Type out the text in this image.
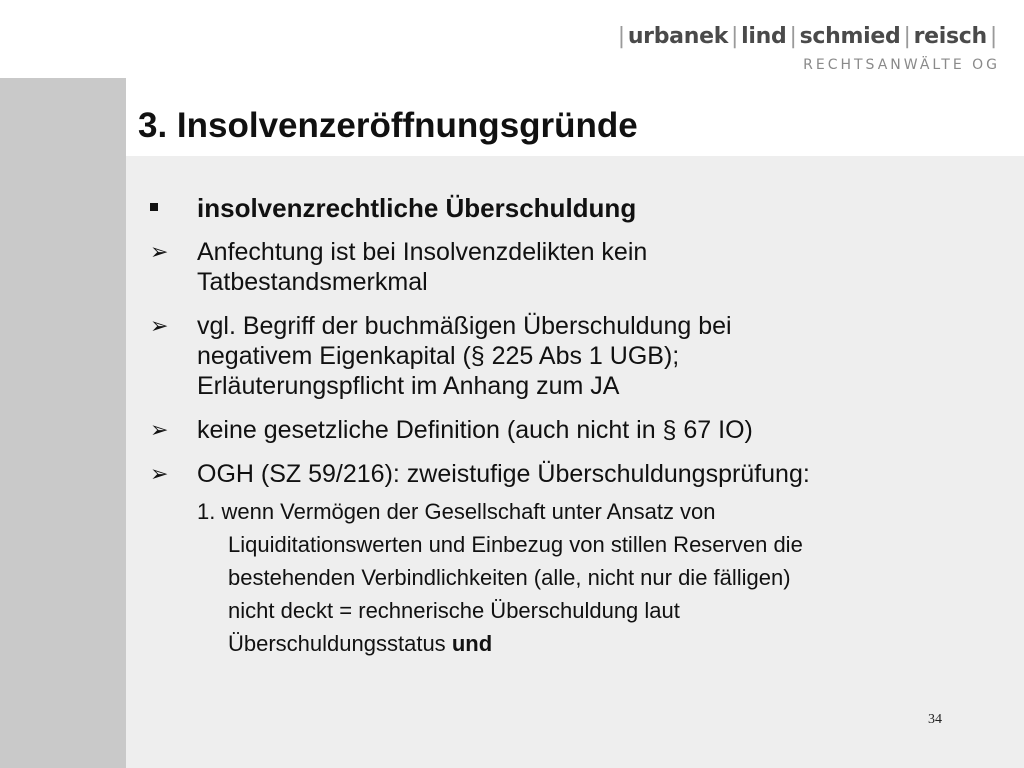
| urbanek | lind | schmied | reisch |
RECHTSANWÄLTE OG
3. Insolvenzeröffnungsgründe
insolvenzrechtliche Überschuldung
➢ Anfechtung ist bei Insolvenzdelikten kein
Tatbestandsmerkmal
➢ vgl. Begriff der buchmäßigen Überschuldung bei
negativem Eigenkapital (§ 225 Abs 1 UGB);
Erläuterungspflicht im Anhang zum JA
➢ keine gesetzliche Definition (auch nicht in § 67 IO)
➢ OGH (SZ 59/216): zweistufige Überschuldungsprüfung:
1. wenn Vermögen der Gesellschaft unter Ansatz von
Liquiditationswerten und Einbezug von stillen Reserven die
bestehenden Verbindlichkeiten (alle, nicht nur die fälligen)
nicht deckt = rechnerische Überschuldung laut
Überschuldungsstatus und
34
